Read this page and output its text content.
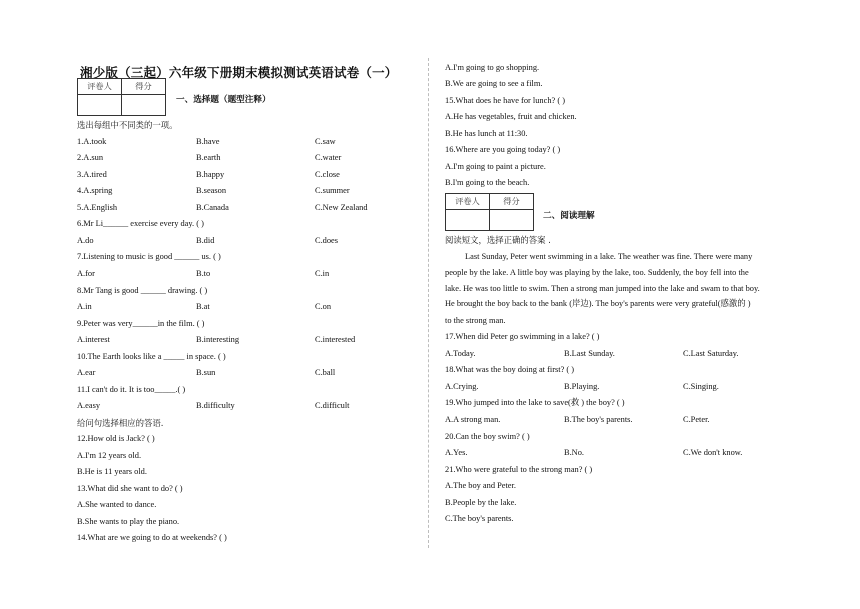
湘少版（三起）六年级下册期末模拟测试英语试卷（一）
评卷人	得分

一、选择题（题型注释）
选出每组中不同类的一项。
1.A.took	B.have	C.saw
2.A.sun	B.earth	C.water
3.A.tired	B.happy	C.close
4.A.spring	B.season	C.summer
5.A.English	B.Canada	C.New Zealand
6.Mr Li______ exercise every day. ( )
A.do	B.did	C.does
7.Listening to music is good ______ us. ( )
A.for	B.to	C.in
8.Mr Tang is good ______ drawing. ( )
A.in	B.at	C.on
9.Peter was very______in the film. ( )
A.interest	B.interesting	C.interested
10.The Earth looks like a _____ in space. ( )
A.ear	B.sun	C.ball
11.I can't do it. It is too_____.( )
A.easy	B.difficulty	C.difficult
给问句选择相应的答语.
12.How old is Jack? ( )
A.I'm 12 years old.
B.He is 11 years old.
13.What did she want to do? ( )
A.She wanted to dance.
B.She wants to play the piano.
14.What are we going to do at weekends? ( )
A.I'm going to go shopping.
B.We are going to see a film.
15.What does he have for lunch? ( )
A.He has vegetables, fruit and chicken.
B.He has lunch at 11:30.
16.Where are you going today? ( )
A.I'm going to paint a picture.
B.I'm going to the beach.
评卷人	得分

二、阅读理解
阅读短文，选择正确的答案 .
Last Sunday, Peter went swimming in a lake. The weather was fine. There were many
people by the lake. A little boy was playing by the lake, too. Suddenly, the boy fell into the
lake. He was too little to swim. Then a strong man jumped into the lake and swam to that boy.
He brought the boy back to the bank (岸边). The boy's parents were very grateful(感激的 )
to the strong man.
17.When did Peter go swimming in a lake? ( )
A.Today.	B.Last Sunday.	C.Last Saturday.
18.What was the boy doing at first? ( )
A.Crying.	B.Playing.	C.Singing.
19.Who jumped into the lake to save(救 ) the boy? ( )
A.A strong man.	B.The boy's parents.	C.Peter.
20.Can the boy swim? ( )
A.Yes.	B.No.	C.We don't know.
21.Who were grateful to the strong man? ( )
A.The boy and Peter.
B.People by the lake.
C.The boy's parents.
